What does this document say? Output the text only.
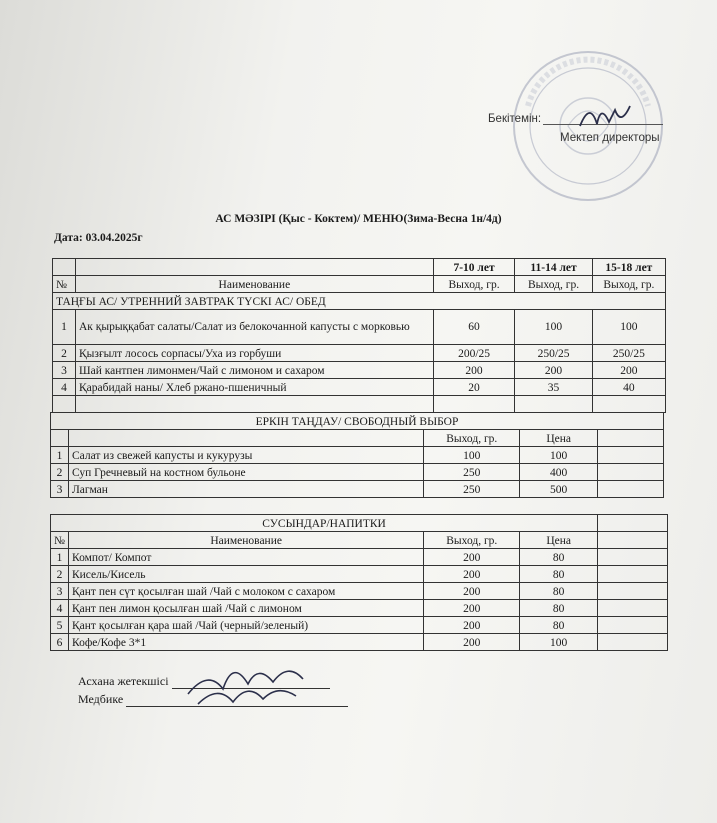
Бекітемін:
Мектеп директоры
АС МӘЗІРІ (Қыс - Коктем)/ МЕНЮ(Зима-Весна 1н/4д)
Дата: 03.04.2025г
		7-10 лет	11-14 лет	15-18 лет
№	Наименование	Выход, гр.	Выход, гр.	Выход, гр.
ТАҢҒЫ АС/ УТРЕННИЙ ЗАВТРАК ТҮСКІ АС/ ОБЕД				
1	Ак қырыққабат салаты/Салат из белокочанной капусты с морковью	60	100	100
2	Қызғылт лосось сорпасы/Уха из горбуши	200/25	250/25	250/25
3	Шай кантпен лимонмен/Чай с лимоном и сахаром	200	200	200
4	Қарабидай наны/ Хлеб ржано-пшеничный	20	35	40

ЕРКІН ТАҢДАУ/ СВОБОДНЫЙ ВЫБОР				
		Выход, гр.	Цена	
1	Салат из свежей капусты и кукурузы	100	100	
2	Суп Гречневый на костном бульоне	250	400	
3	Лагман	250	500	
СУСЫНДАР/НАПИТКИ				
№	Наименование	Выход, гр.	Цена	
1	Компот/ Компот	200	80	
2	Кисель/Кисель	200	80	
3	Қант пен сүт қосылған шай /Чай с молоком с сахаром	200	80	
4	Қант пен лимон қосылған шай /Чай с лимоном	200	80	
5	Қант қосылған қара шай /Чай (черный/зеленый)	200	80	
6	Кофе/Кофе 3*1	200	100	
Асхана жетекшісі
Медбике
